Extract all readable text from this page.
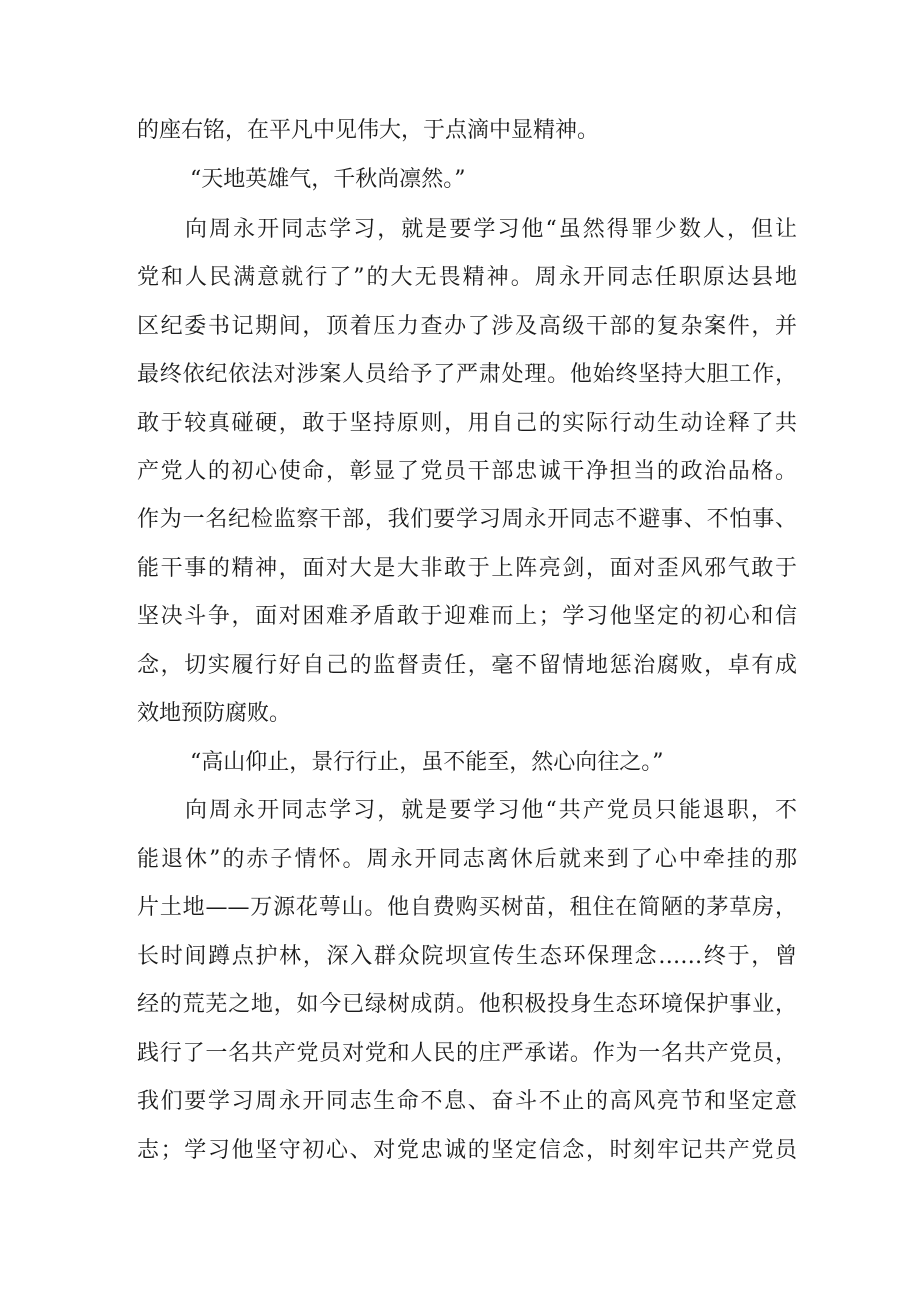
的座右铭，在平凡中见伟大，于点滴中显精神。
“天地英雄气，千秋尚凛然。”
向周永开同志学习，就是要学习他“虽然得罪少数人，但让
党和人民满意就行了”的大无畏精神。周永开同志任职原达县地
区纪委书记期间，顶着压力查办了涉及高级干部的复杂案件，并
最终依纪依法对涉案人员给予了严肃处理。他始终坚持大胆工作，
敢于较真碰硬，敢于坚持原则，用自己的实际行动生动诠释了共
产党人的初心使命，彰显了党员干部忠诚干净担当的政治品格。
作为一名纪检监察干部，我们要学习周永开同志不避事、不怕事、
能干事的精神，面对大是大非敢于上阵亮剑，面对歪风邪气敢于
坚决斗争，面对困难矛盾敢于迎难而上；学习他坚定的初心和信
念，切实履行好自己的监督责任，毫不留情地惩治腐败，卓有成
效地预防腐败。
“高山仰止，景行行止，虽不能至，然心向往之。”
向周永开同志学习，就是要学习他“共产党员只能退职，不
能退休”的赤子情怀。周永开同志离休后就来到了心中牵挂的那
片土地——万源花萼山。他自费购买树苗，租住在简陋的茅草房，
长时间蹲点护林，深入群众院坝宣传生态环保理念……终于，曾
经的荒芜之地，如今已绿树成荫。他积极投身生态环境保护事业，
践行了一名共产党员对党和人民的庄严承诺。作为一名共产党员，
我们要学习周永开同志生命不息、奋斗不止的高风亮节和坚定意
志；学习他坚守初心、对党忠诚的坚定信念，时刻牢记共产党员
